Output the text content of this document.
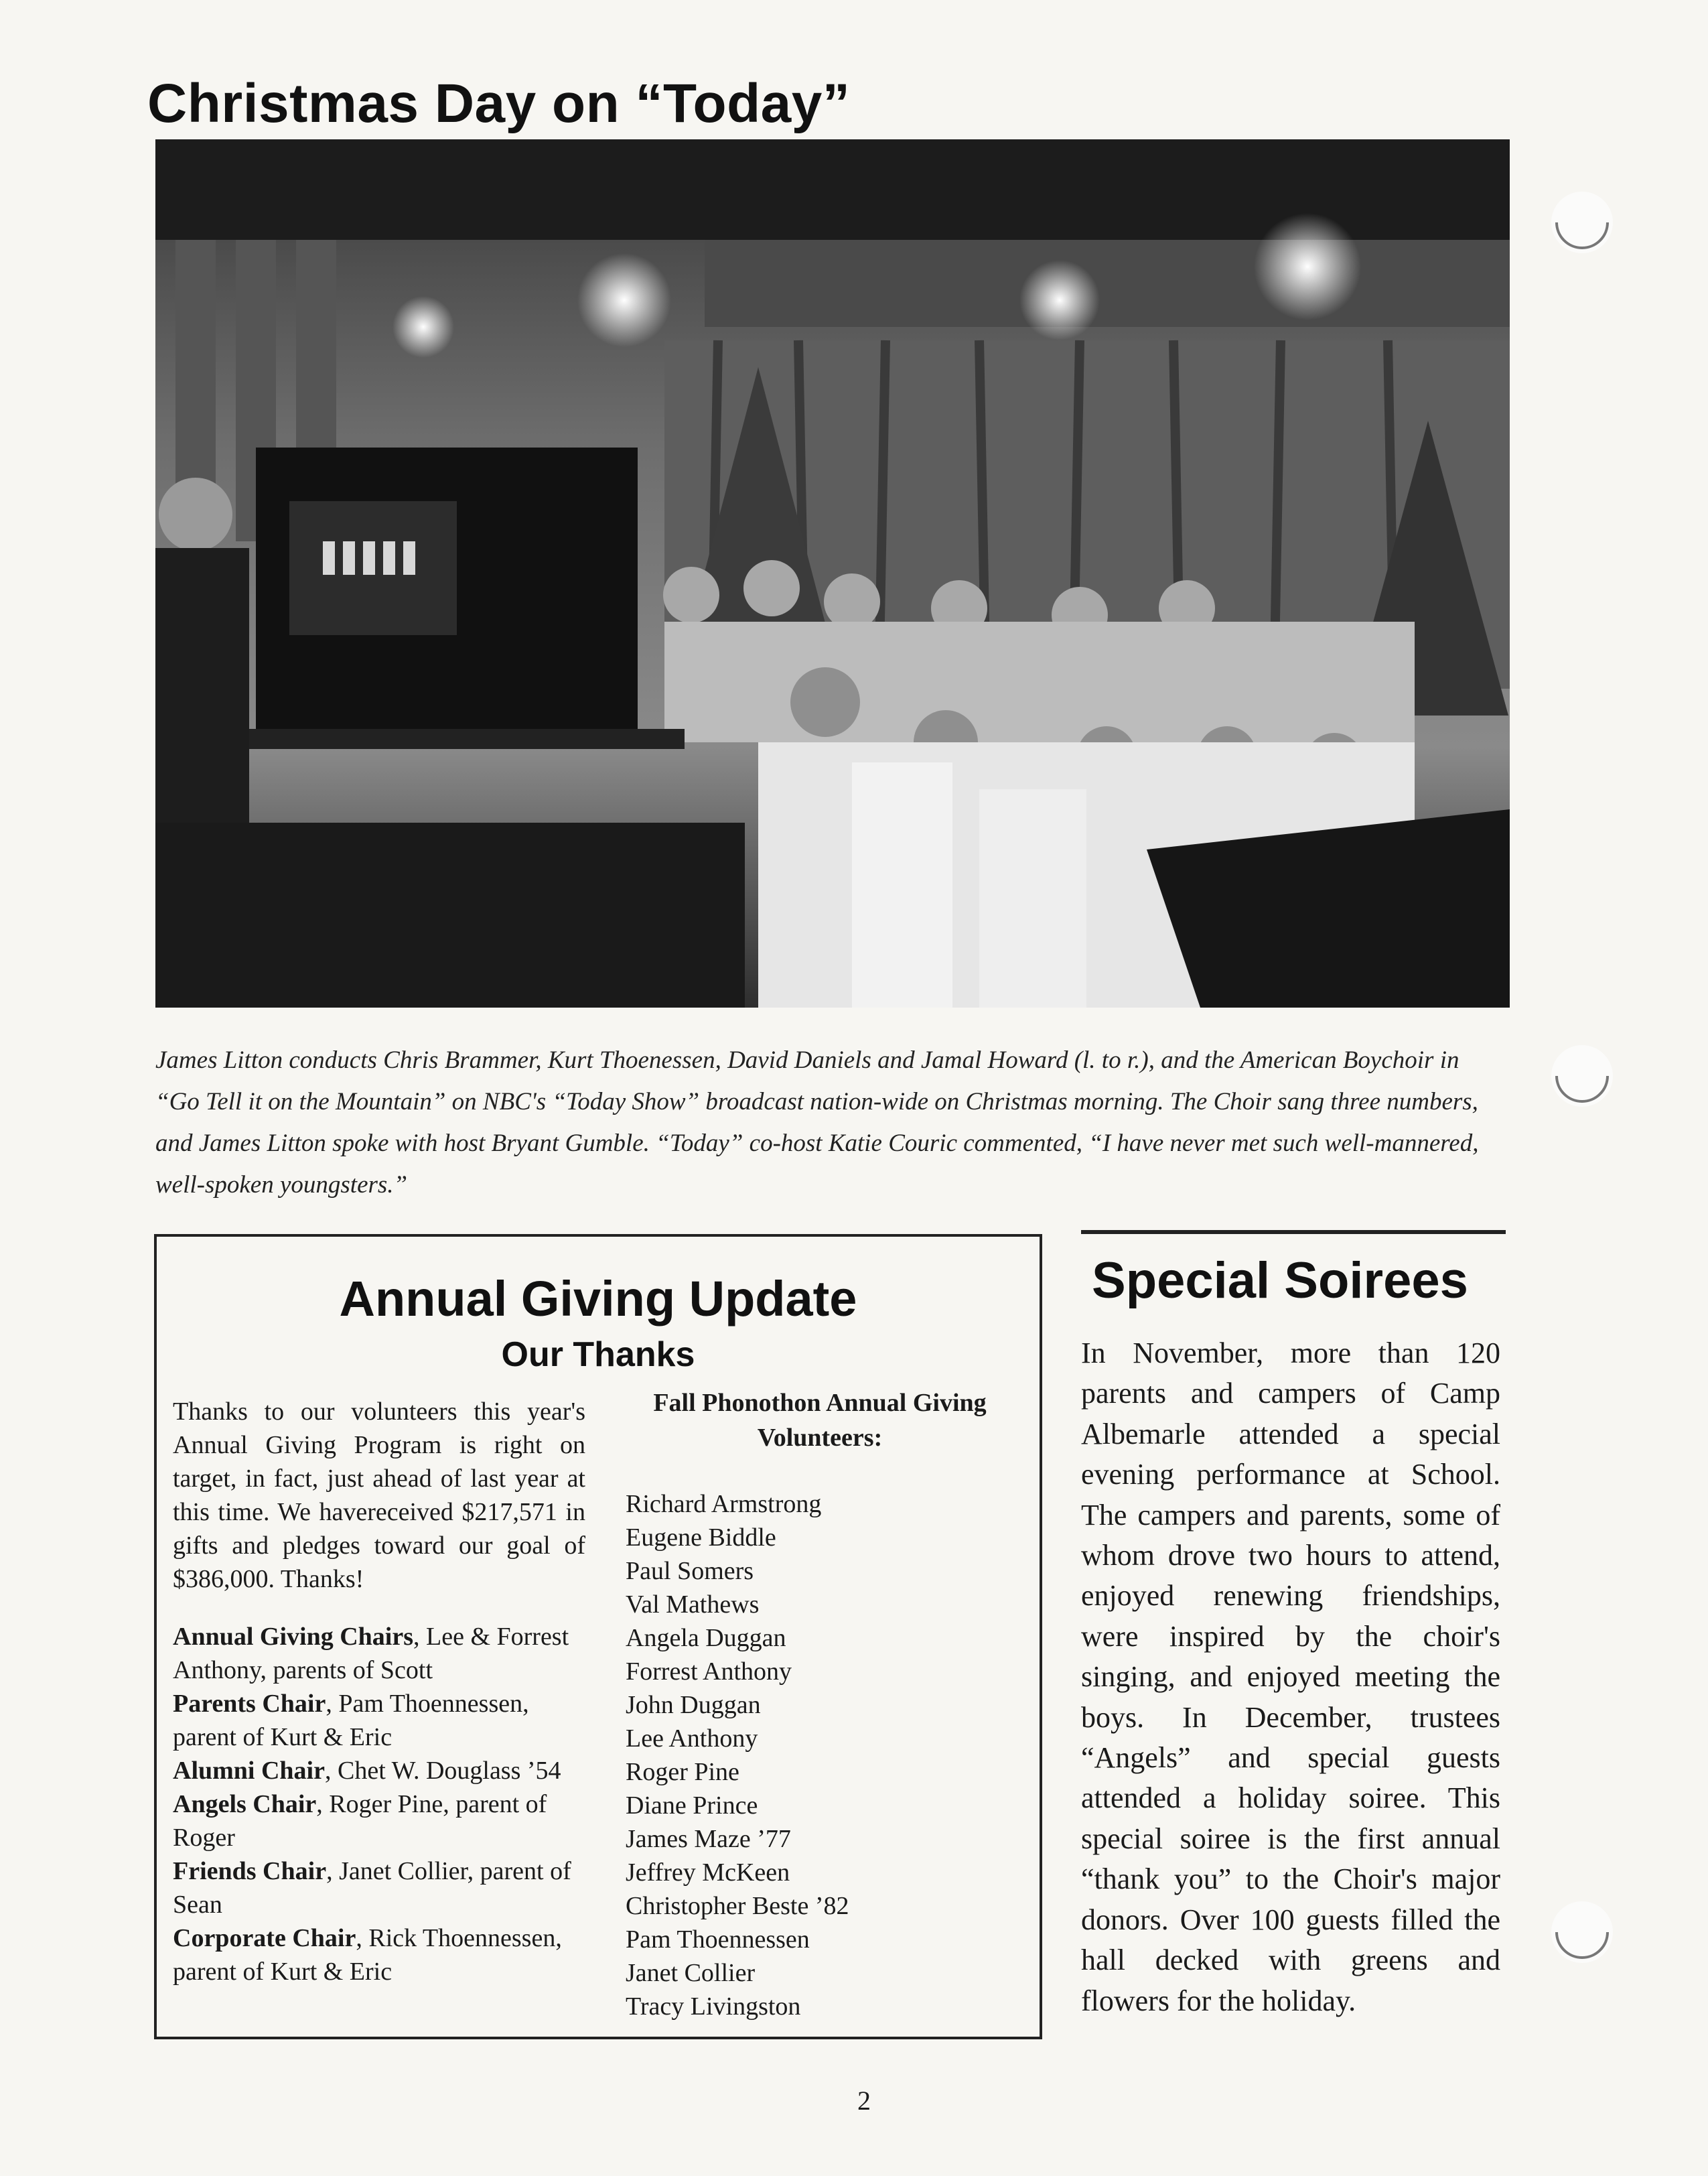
Christmas Day on “Today”

James Litton conducts Chris Brammer, Kurt Thoenessen, David Daniels and Jamal Howard (l. to r.), and the American Boychoir in “Go Tell it on the Mountain” on NBC's “Today Show” broadcast nation-wide on Christmas morning. The Choir sang three numbers, and James Litton spoke with host Bryant Gumble. “Today” co-host Katie Couric commented, “I have never met such well-mannered, well-spoken youngsters.”

Annual Giving Update
Our Thanks

Thanks to our volunteers this year's Annual Giving Program is right on target, in fact, just ahead of last year at this time. We havereceived $217,571 in gifts and pledges toward our goal of $386,000. Thanks!

Annual Giving Chairs, Lee & Forrest Anthony, parents of Scott

Parents Chair, Pam Thoennessen, parent of Kurt & Eric

Alumni Chair, Chet W. Douglass ’54

Angels Chair, Roger Pine, parent of Roger

Friends Chair, Janet Collier, parent of Sean

Corporate Chair, Rick Thoennessen, parent of Kurt & Eric

Fall Phonothon Annual Giving Volunteers:

Richard Armstrong
Eugene Biddle
Paul Somers
Val Mathews
Angela Duggan
Forrest Anthony
John Duggan
Lee Anthony
Roger Pine
Diane Prince
James Maze ’77
Jeffrey McKeen
Christopher Beste ’82
Pam Thoennessen
Janet Collier
Tracy Livingston
Special Soirees

In November, more than 120 parents and campers of Camp Albemarle attended a special evening performance at School. The campers and parents, some of whom drove two hours to attend, enjoyed renewing friendships, were inspired by the choir's singing, and enjoyed meeting the boys. In December, trustees “Angels” and special guests attended a holiday soiree. This special soiree is the first annual “thank you” to the Choir's major donors. Over 100 guests filled the hall decked with greens and flowers for the holiday.

2
